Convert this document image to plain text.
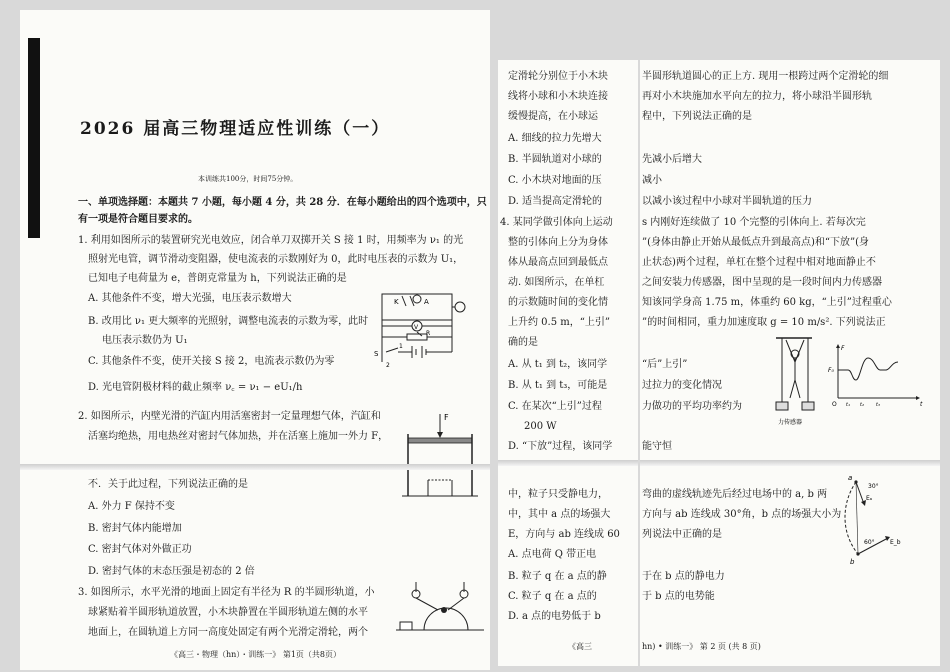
2026 届高三物理适应性训练（一）
本训练共100分，时间75分钟。
一、单项选择题：本题共 7 小题，每小题 4 分，共 28 分．在每小题给出的四个选项中，只
有一项是符合题目要求的。
1. 利用如图所示的装置研究光电效应，闭合单刀双掷开关 S 接 1 时，用频率为 ν₁ 的光
照射光电管，调节滑动变阻器，使电流表的示数刚好为 0，此时电压表的示数为 U₁，
已知电子电荷量为 e，普朗克常量为 h，下列说法正确的是
A. 其他条件不变，增大光强，电压表示数增大
B. 改用比 ν₁ 更大频率的光照射，调整电流表的示数为零，此时
电压表示数仍为 U₁
C. 其他条件不变，使开关接 S 接 2，电流表示数仍为零
D. 光电管阴极材料的截止频率 ν꜀ = ν₁ − eU₁/h
K	A
V
R
S
1
2
2. 如图所示，内壁光滑的汽缸内用活塞密封一定量理想气体，汽缸和
活塞均绝热，用电热丝对密封气体加热，并在活塞上施加一外力 F，
F
不．关于此过程，下列说法正确的是
A. 外力 F 保持不变
B. 密封气体内能增加
C. 密封气体对外做正功
D. 密封气体的末态压强是初态的 2 倍
3. 如图所示，水平光滑的地面上固定有半径为 R 的半圆形轨道，小
球紧贴着半圆形轨道放置，小木块静置在半圆形轨道左侧的水平
地面上，在圆轨道上方同一高度处固定有两个光滑定滑轮，两个
《高三・物理（hn）・训练一》 第1页（共8页）
定滑轮分别位于小木块
线将小球和小木块连接
缓慢提高，在小球运
A. 细线的拉力先增大
B. 半圆轨道对小球的
C. 小木块对地面的压
D. 适当提高定滑轮的
4. 某同学做引体向上运动
整的引体向上分为身体
体从最高点回到最低点
动. 如图所示，在单杠
的示数随时间的变化情
上升约 0.5 m，“上引”
确的是
A. 从 t₁ 到 t₂，该同学
B. 从 t₁ 到 t₃，可能是
C. 在某次“上引”过程
200 W
D. “下放”过程，该同学
中，粒子只受静电力，
中，其中 a 点的场强大
E，方向与 ab 连线成 60
A. 点电荷 Q 带正电
B. 粒子 q 在 a 点的静
C. 粒子 q 在 a 点的
D. a 点的电势低于 b
《高三
半圆形轨道圆心的正上方. 现用一根跨过两个定滑轮的细
再对小木块施加水平向左的拉力，将小球沿半圆形轨
程中，下列说法正确的是
先减小后增大
减小
以减小该过程中小球对半圆轨道的压力
s 内刚好连续做了 10 个完整的引体向上. 若每次完
”(身体由静止开始从最低点升到最高点)和“下放”(身
止状态)两个过程，单杠在整个过程中相对地面静止不
之间安装力传感器，图中呈现的是一段时间内力传感器
知该同学身高 1.75 m，体重约 60 kg，“上引”过程重心
”的时间相同，重力加速度取 g = 10 m/s². 下列说法正
“后”上引”
过拉力的变化情况
力做功的平均功率约为
能守恒
力传感器
F
F₀
O	t
t₁ t₂ t₃
弯曲的虚线轨迹先后经过电场中的 a, b 两
方向与 ab 连线成 30°角，b 点的场强大小为
列说法中正确的是
于在 b 点的静电力
于 b 点的电势能
a
b
Eₐ
30°
E_b
60°
hn) • 训练一》 第 2 页 (共 8 页)
